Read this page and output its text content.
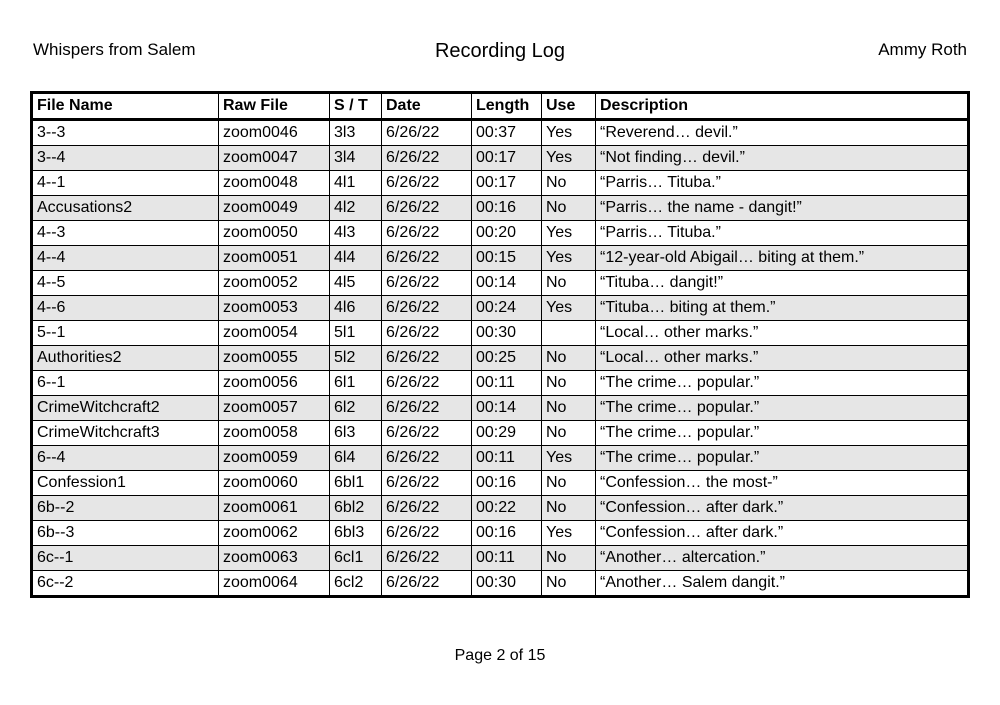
Whispers from Salem	Recording Log	Ammy Roth
File Name	Raw File	S / T	Date	Length	Use	Description
3--3	zoom0046	3l3	6/26/22	00:37	Yes	“Reverend… devil.”
3--4	zoom0047	3l4	6/26/22	00:17	Yes	“Not finding… devil.”
4--1	zoom0048	4l1	6/26/22	00:17	No	“Parris… Tituba.”
Accusations2	zoom0049	4l2	6/26/22	00:16	No	“Parris… the name - dangit!”
4--3	zoom0050	4l3	6/26/22	00:20	Yes	“Parris… Tituba.”
4--4	zoom0051	4l4	6/26/22	00:15	Yes	“12-year-old Abigail… biting at them.”
4--5	zoom0052	4l5	6/26/22	00:14	No	“Tituba… dangit!”
4--6	zoom0053	4l6	6/26/22	00:24	Yes	“Tituba… biting at them.”
5--1	zoom0054	5l1	6/26/22	00:30		“Local… other marks.”
Authorities2	zoom0055	5l2	6/26/22	00:25	No	“Local… other marks.”
6--1	zoom0056	6l1	6/26/22	00:11	No	“The crime… popular.”
CrimeWitchcraft2	zoom0057	6l2	6/26/22	00:14	No	“The crime… popular.”
CrimeWitchcraft3	zoom0058	6l3	6/26/22	00:29	No	“The crime… popular.”
6--4	zoom0059	6l4	6/26/22	00:11	Yes	“The crime… popular.”
Confession1	zoom0060	6bl1	6/26/22	00:16	No	“Confession… the most-”
6b--2	zoom0061	6bl2	6/26/22	00:22	No	“Confession… after dark.”
6b--3	zoom0062	6bl3	6/26/22	00:16	Yes	“Confession… after dark.”
6c--1	zoom0063	6cl1	6/26/22	00:11	No	“Another… altercation.”
6c--2	zoom0064	6cl2	6/26/22	00:30	No	“Another… Salem dangit.”
Page 2 of 15
